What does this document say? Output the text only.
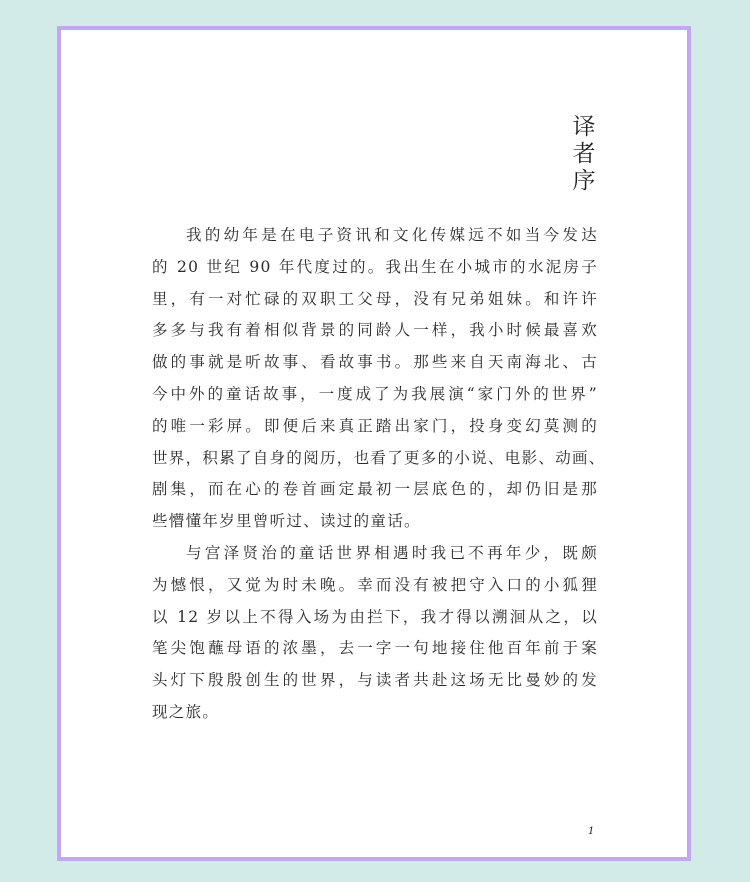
译
者
序
我的幼年是在电子资讯和文化传媒远不如当今发达
的 20 世纪 90 年代度过的。我出生在小城市的水泥房子
里，有一对忙碌的双职工父母，没有兄弟姐妹。和许许
多多与我有着相似背景的同龄人一样，我小时候最喜欢
做的事就是听故事、看故事书。那些来自天南海北、古
今中外的童话故事，一度成了为我展演“家门外的世界”
的唯一彩屏。即便后来真正踏出家门，投身变幻莫测的
世界，积累了自身的阅历，也看了更多的小说、电影、动画、
剧集，而在心的卷首画定最初一层底色的，却仍旧是那
些懵懂年岁里曾听过、读过的童话。
与宫泽贤治的童话世界相遇时我已不再年少，既颇
为憾恨，又觉为时未晚。幸而没有被把守入口的小狐狸
以 12 岁以上不得入场为由拦下，我才得以溯洄从之，以
笔尖饱蘸母语的浓墨，去一字一句地接住他百年前于案
头灯下殷殷创生的世界，与读者共赴这场无比曼妙的发
现之旅。
1
